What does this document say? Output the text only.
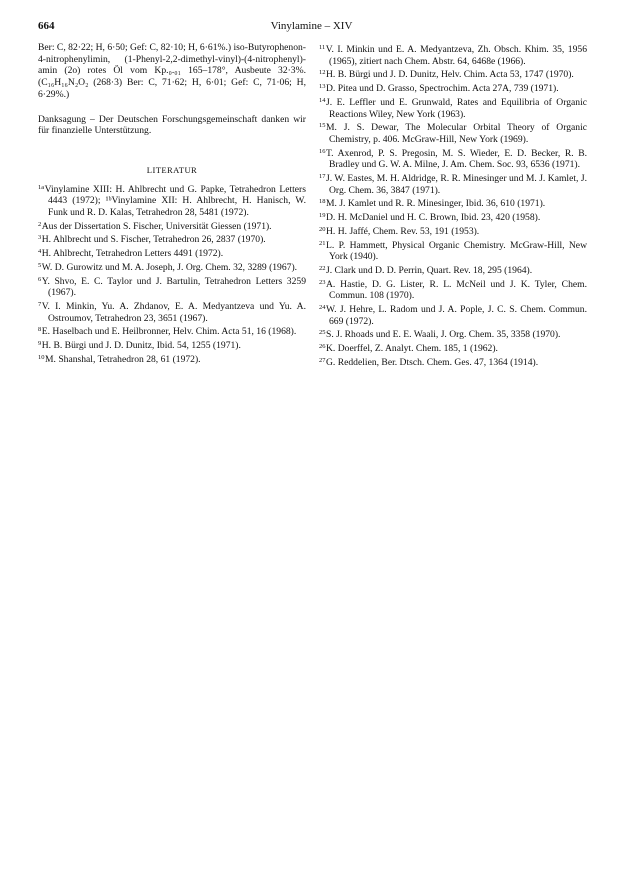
664	Vinylamine – XIV

Ber: C, 82·22; H, 6·50; Gef: C, 82·10; H, 6·61%.) iso-Butyrophenon-4-nitrophenylimin, (1-Phenyl-2,2-dimethyl-vinyl)-(4-nitrophenyl)-amin (2o) rotes Öl vom Kp.₀.₀₁ 165–178°, Ausbeute 32·3%. (C₁₆H₁₆N₂O₂ (268·3) Ber: C, 71·62; H, 6·01; Gef: C, 71·06; H, 6·29%.)

Danksagung – Der Deutschen Forschungsgemeinschaft danken wir für finanzielle Unterstützung.

LITERATUR

$^{1a}$Vinylamine XIII: H. Ahlbrecht und G. Papke, Tetrahedron Letters 4443 (1972); ¹ᵇVinylamine XII: H. Ahlbrecht, H. Hanisch, W. Funk und R. D. Kalas, Tetrahedron 28, 5481 (1972).

$^2$Aus der Dissertation S. Fischer, Universität Giessen (1971).

$^3$H. Ahlbrecht und S. Fischer, Tetrahedron 26, 2837 (1970).

$^4$H. Ahlbrecht, Tetrahedron Letters 4491 (1972).

$^5$W. D. Gurowitz und M. A. Joseph, J. Org. Chem. 32, 3289 (1967).

$^6$Y. Shvo, E. C. Taylor und J. Bartulin, Tetrahedron Letters 3259 (1967).

$^7$V. I. Minkin, Yu. A. Zhdanov, E. A. Medyantzeva und Yu. A. Ostroumov, Tetrahedron 23, 3651 (1967).

$^8$E. Haselbach und E. Heilbronner, Helv. Chim. Acta 51, 16 (1968).

$^9$H. B. Bürgi und J. D. Dunitz, Ibid. 54, 1255 (1971).

$^{10}$M. Shanshal, Tetrahedron 28, 61 (1972).

$^{11}$V. I. Minkin und E. A. Medyantzeva, Zh. Obsch. Khim. 35, 1956 (1965), zitiert nach Chem. Abstr. 64, 6468e (1966).

$^{12}$H. B. Bürgi und J. D. Dunitz, Helv. Chim. Acta 53, 1747 (1970).

$^{13}$D. Pitea und D. Grasso, Spectrochim. Acta 27A, 739 (1971).

$^{14}$J. E. Leffler und E. Grunwald, Rates and Equilibria of Organic Reactions Wiley, New York (1963).

$^{15}$M. J. S. Dewar, The Molecular Orbital Theory of Organic Chemistry, p. 406. McGraw-Hill, New York (1969).

$^{16}$T. Axenrod, P. S. Pregosin, M. S. Wieder, E. D. Becker, R. B. Bradley und G. W. A. Milne, J. Am. Chem. Soc. 93, 6536 (1971).

$^{17}$J. W. Eastes, M. H. Aldridge, R. R. Minesinger und M. J. Kamlet, J. Org. Chem. 36, 3847 (1971).

$^{18}$M. J. Kamlet und R. R. Minesinger, Ibid. 36, 610 (1971).

$^{19}$D. H. McDaniel und H. C. Brown, Ibid. 23, 420 (1958).

$^{20}$H. H. Jaffé, Chem. Rev. 53, 191 (1953).

$^{21}$L. P. Hammett, Physical Organic Chemistry. McGraw-Hill, New York (1940).

$^{22}$J. Clark und D. D. Perrin, Quart. Rev. 18, 295 (1964).

$^{23}$A. Hastie, D. G. Lister, R. L. McNeil und J. K. Tyler, Chem. Commun. 108 (1970).

$^{24}$W. J. Hehre, L. Radom und J. A. Pople, J. C. S. Chem. Commun. 669 (1972).

$^{25}$S. J. Rhoads und E. E. Waali, J. Org. Chem. 35, 3358 (1970).

$^{26}$K. Doerffel, Z. Analyt. Chem. 185, 1 (1962).

$^{27}$G. Reddelien, Ber. Dtsch. Chem. Ges. 47, 1364 (1914).
